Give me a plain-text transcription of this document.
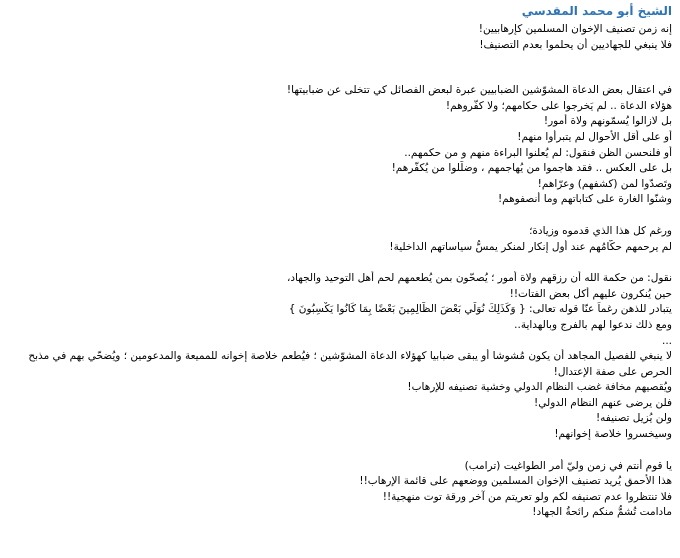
الشيخ أبو محمد المقدسي
إنه زمن تصنيف الإخوان المسلمين كإرهابيين!
فلا ينبغي للجهاديين أن يحلموا بعدم التصنيف!
في اعتقال بعض الدعاة المشوّشين الضبابيين عبرة لبعض الفصائل كي تتخلى عن ضبابيتها!
هؤلاء الدعاة .. لم يَخرجوا على حكامهم؛ ولا كفّروهم!
بل لازالوا يُسمّونهم ولاة أمور!
أو على أقل الأحوال لم يتبرأوا منهم!
أو فلنحسن الظن فنقول: لم يُعلنوا البراءة منهم و من حكمهم..
بل على العكس .. فقد هاجموا من يُهاجمهم ، وضلّلوا من يُكفّرهم!
وتَصدّوا لمن (كشفهم) وعرّاهم!
وشنّوا الغارة على كتاباتهم وما أنصفوهم!
ورغم كل هذا الذي قدموه وزيادة؛
لم يرحمهم حكّامُهم عند أول إنكار لمنكر يمسُّ سياساتهم الداخلية!
نقول: من حكمة الله أن رزقهم ولاة أمور ؛ يُصحّون بمن يُطعمهم لحم أهل التوحيد والجهاد،
حين يُنكرون عليهم أكل بعض الفتات!!
يتبادر للذهن رغماً عنّا قوله تعالى: { وَكَذَلِكَ نُوَلِّي بَعْضَ الظَّالِمِينَ بَعْضًا بِمَا كَانُوا يَكْسِبُونَ }
ومع ذلك ندعوا لهم بالفرج وبالهداية..
...
لا ينبغي للفصيل المجاهد أن يكون مُشوشا أو يبقى ضبابيا كهؤلاء الدعاة المشوّشين ؛ فيُطعم خلاصة إخوانه للمميعة والمدعومين ؛ ويُضحّي بهم في مذبح الحرص على صفة الإعتدال!
ويُقصيهم مخافة غضب النظام الدولي وخشية تصنيفه للإرهاب!
فلن يرضى عنهم النظام الدولي!
ولن يُزيل تصنيفه!
وسيخسروا خلاصة إخوانهم!
يا قوم أنتم في زمن وليّ أمر الطواغيت (ترامب)
هذا الأحمق يُريد تصنيف الإخوان المسلمين ووضعهم على قائمة الإرهاب!!
فلا تنتظروا عدم تصنيفه لكم ولو تعريتم من آخر ورقة توت منهجية!!
مادامت تُشمُّ منكم رائحةُ الجهاد!
